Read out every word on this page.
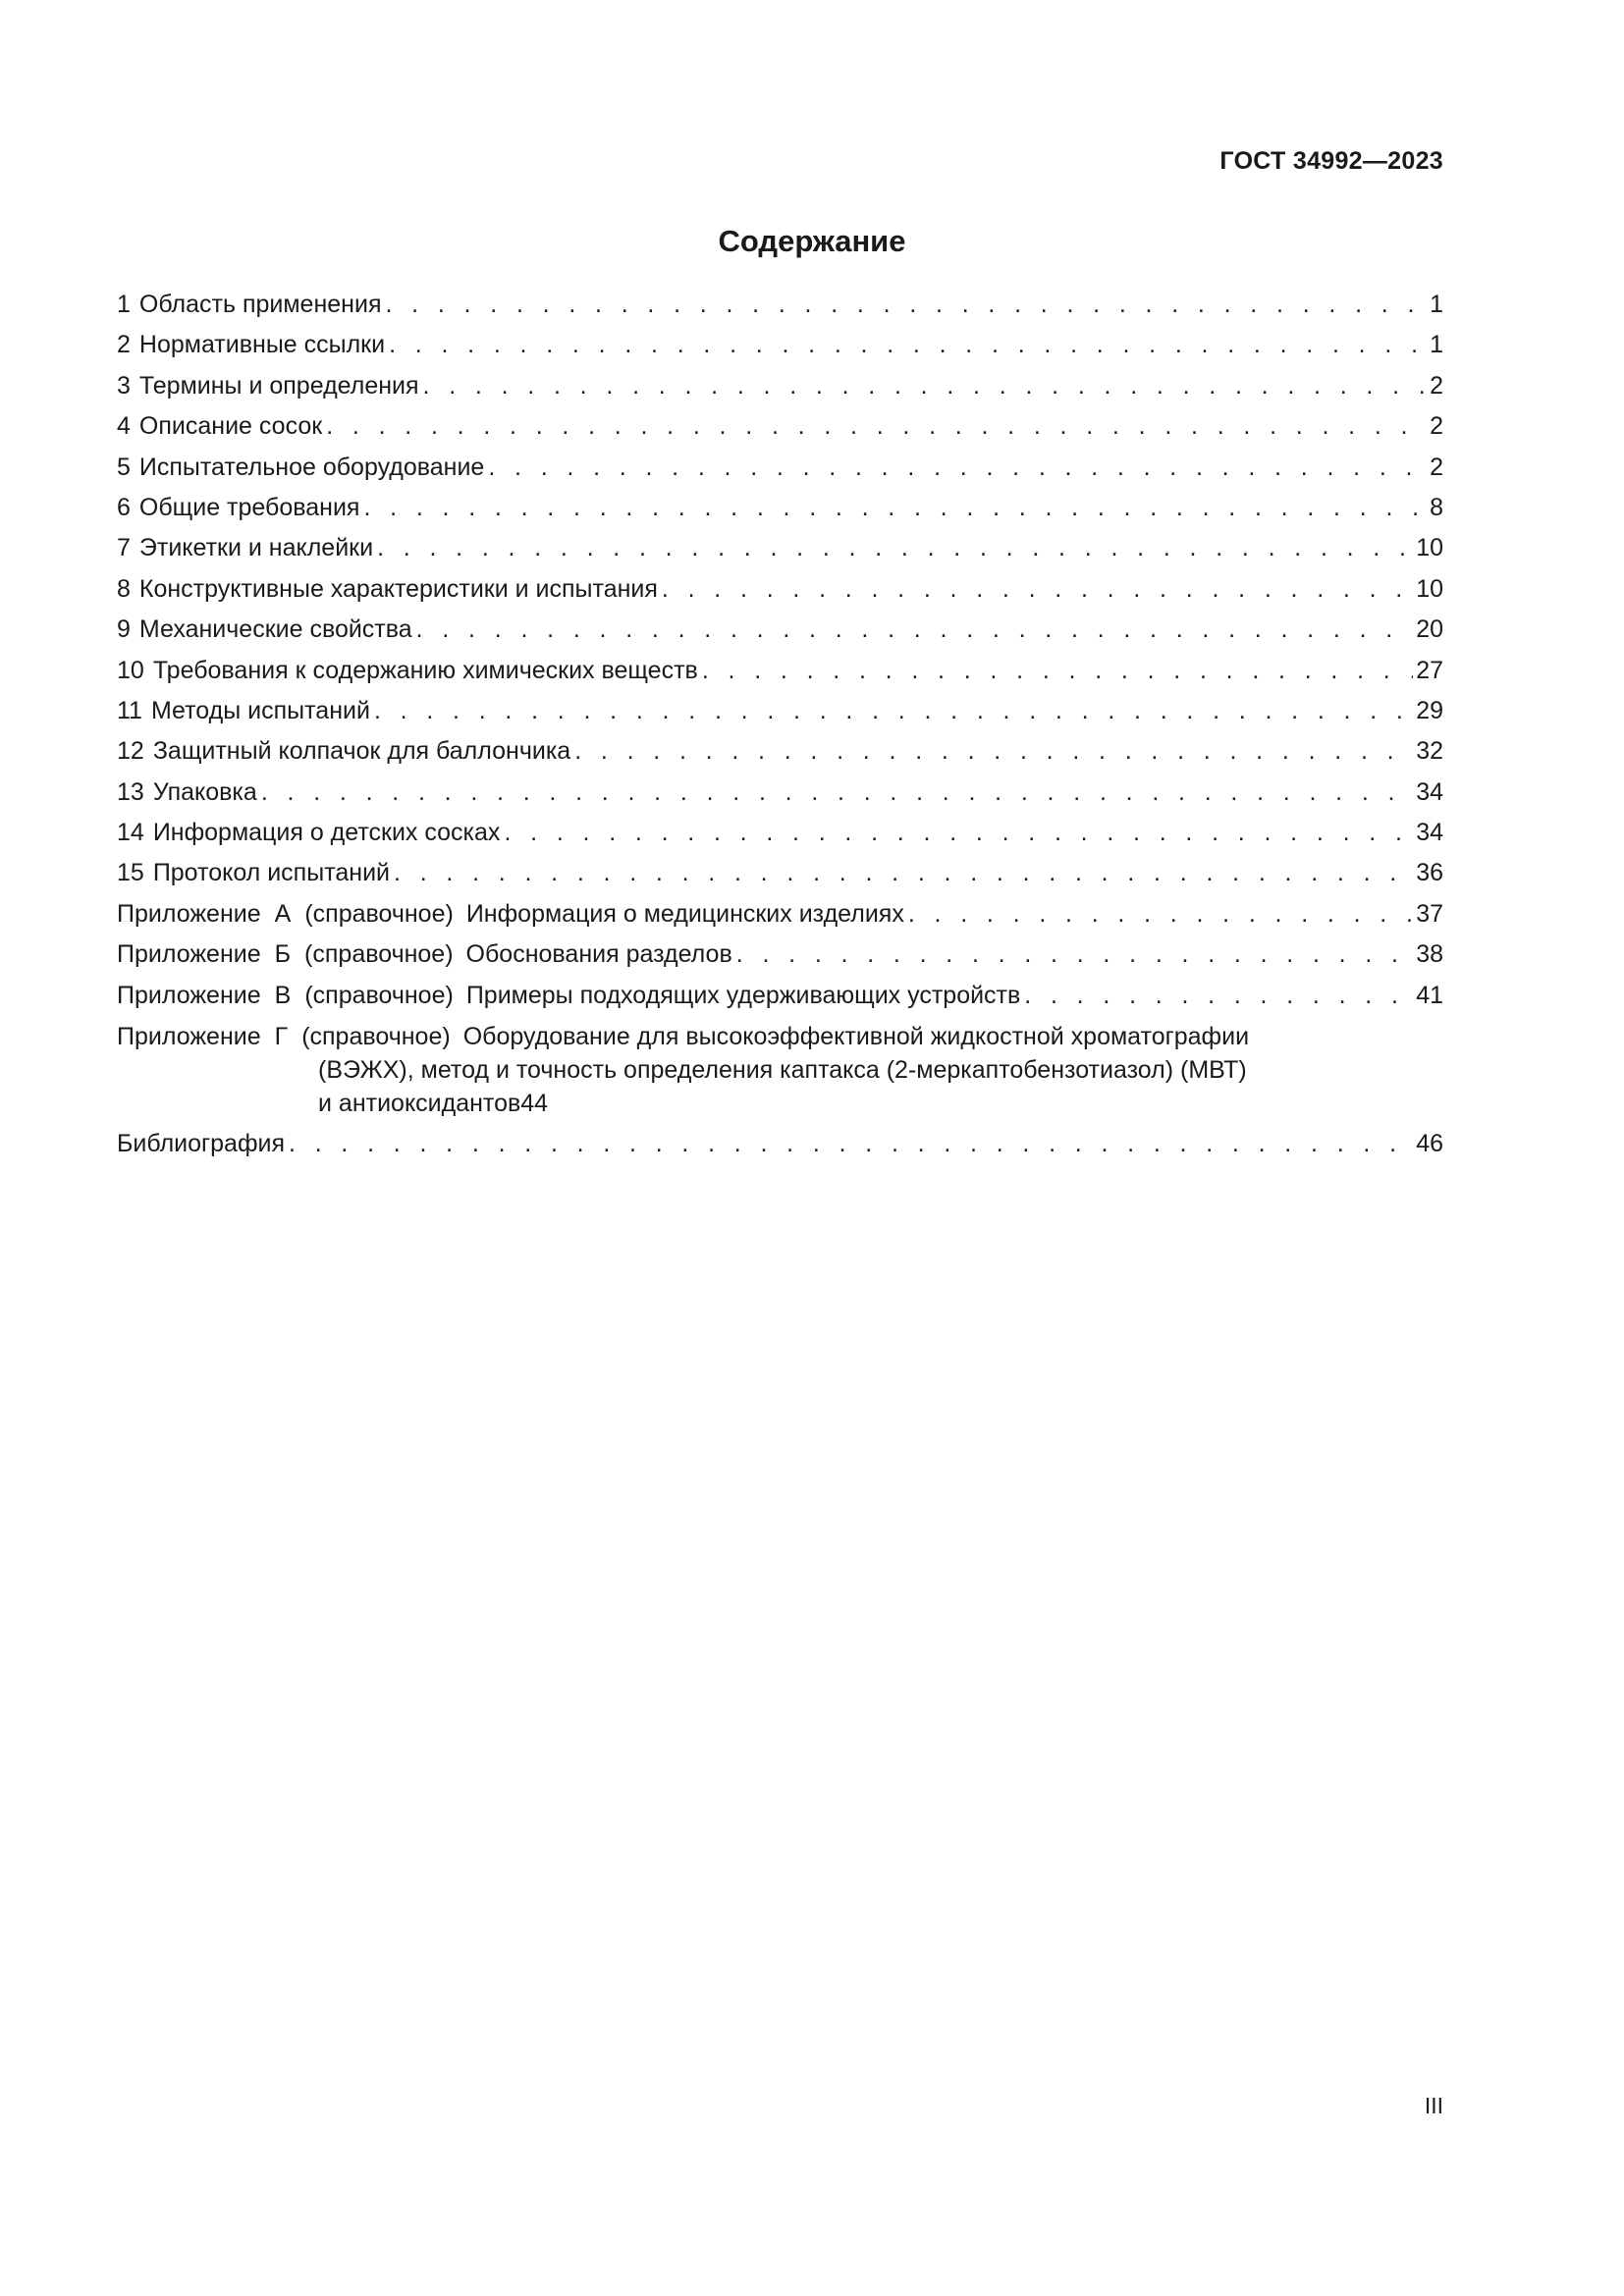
ГОСТ 34992—2023
Содержание
1 Область применения . . .	1
2 Нормативные ссылки . . .	1
3 Термины и определения . . .	2
4 Описание сосок . . .	2
5 Испытательное оборудование . . .	2
6 Общие требования . . .	8
7 Этикетки и наклейки . . .	10
8 Конструктивные характеристики и испытания . . .	10
9 Механические свойства . . .	20
10 Требования к содержанию химических веществ . . .	27
11 Методы испытаний . . .	29
12 Защитный колпачок для баллончика . . .	32
13 Упаковка . . .	34
14 Информация о детских сосках . . .	34
15 Протокол испытаний . . .	36
Приложение А (справочное) Информация о медицинских изделиях . . .	37
Приложение Б (справочное) Обоснования разделов . . .	38
Приложение В (справочное) Примеры подходящих удерживающих устройств . . .	41
Приложение Г (справочное) Оборудование для высокоэффективной жидкостной хроматографии
(ВЭЖХ), метод и точность определения каптакса (2-меркаптобензотиазол) (МВТ)
и антиоксидантов 44
Библиография . . .	46
III
